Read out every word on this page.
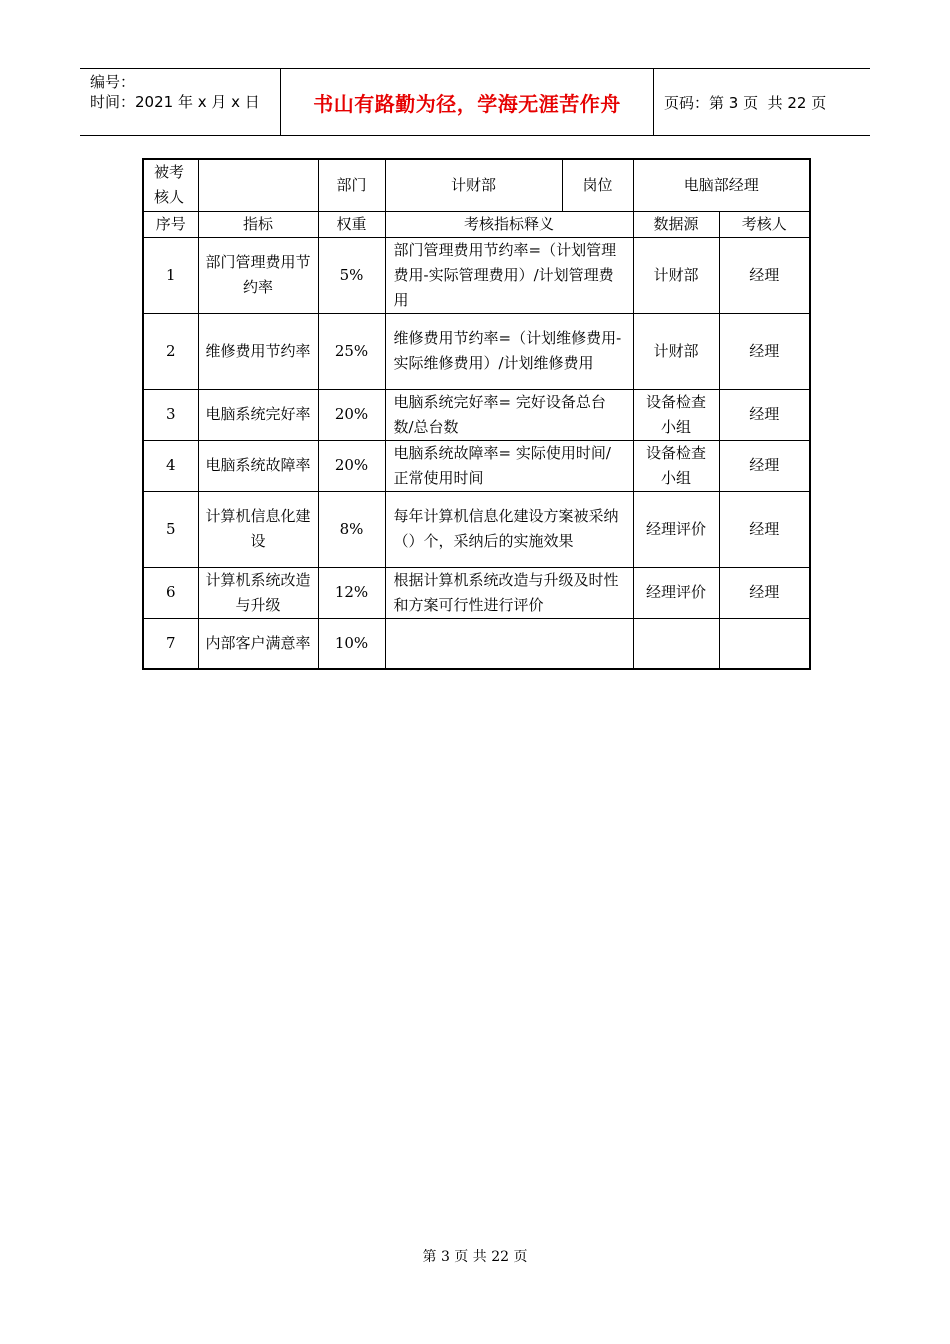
编号：
时间：2021 年 x 月 x 日	书山有路勤为径，学海无涯苦作舟	页码：第 3 页  共 22 页
被考核人		部门	计财部	岗位	电脑部经理	
序号	指标	权重	考核指标释义		数据源	考核人
1	部门管理费用节约率	5%	部门管理费用节约率=（计划管理费用-实际管理费用）/计划管理费用		计财部	经理
2	维修费用节约率	25%	维修费用节约率=（计划维修费用-实际维修费用）/计划维修费用		计财部	经理
3	电脑系统完好率	20%	电脑系统完好率= 完好设备总台数/总台数		设备检查小组	经理
4	电脑系统故障率	20%	电脑系统故障率= 实际使用时间/正常使用时间		设备检查小组	经理
5	计算机信息化建设	8%	每年计算机信息化建设方案被采纳（）个，采纳后的实施效果		经理评价	经理
6	计算机系统改造与升级	12%	根据计算机系统改造与升级及时性和方案可行性进行评价		经理评价	经理
7	内部客户满意率	10%				
第 3 页 共 22 页
